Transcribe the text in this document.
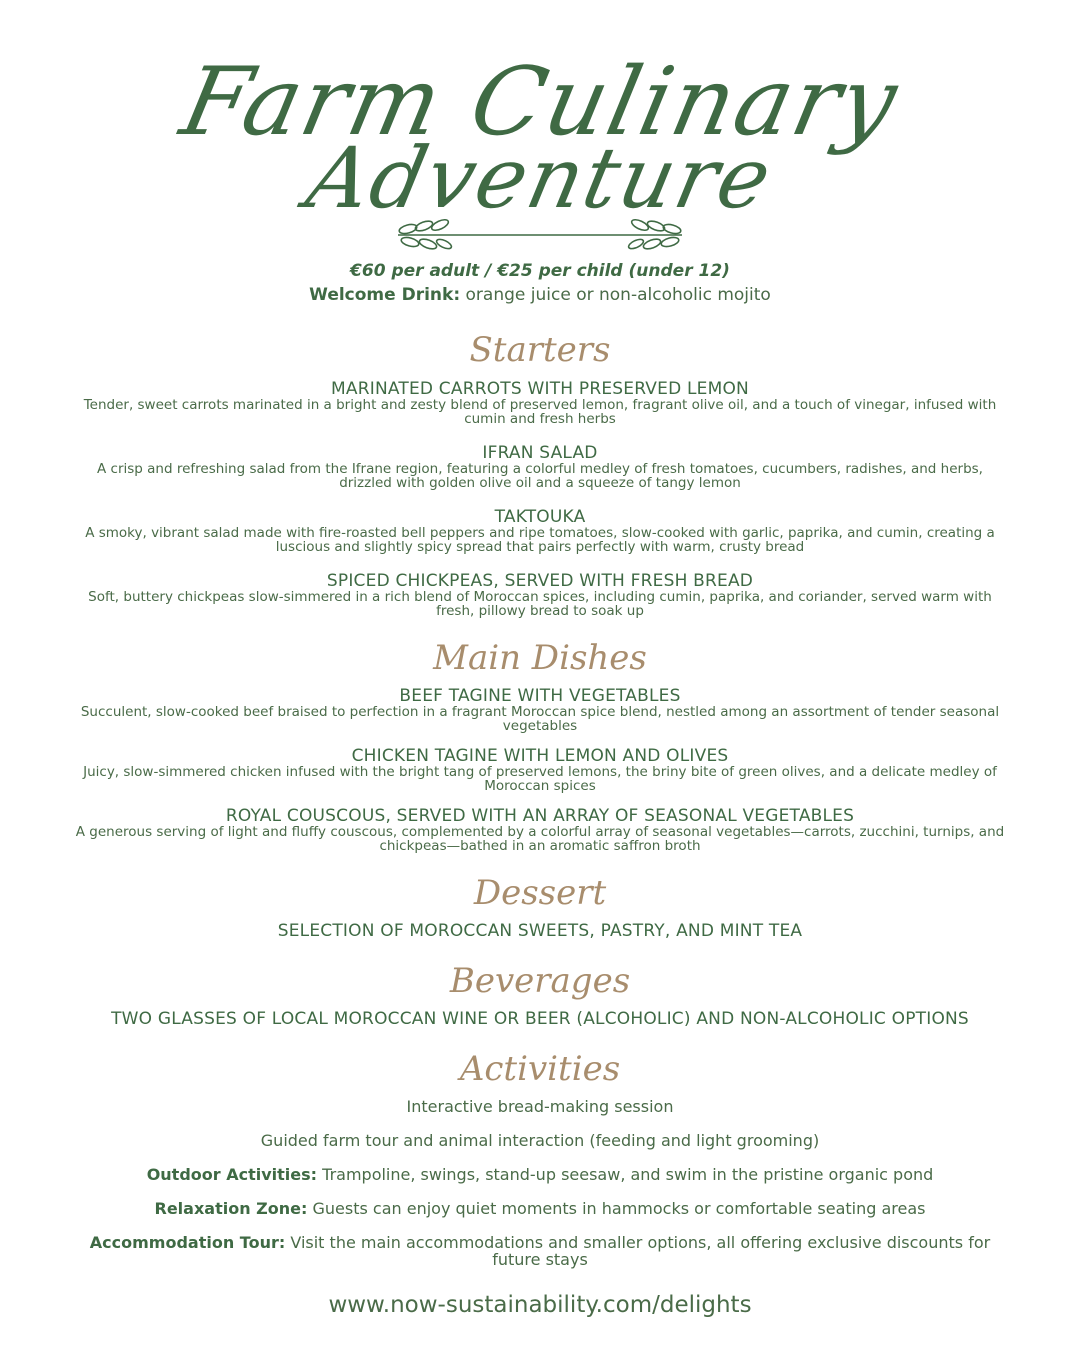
Farm Culinary
Adventure
€60 per adult / €25 per child (under 12)
Welcome Drink: orange juice or non-alcoholic mojito
Starters
MARINATED CARROTS WITH PRESERVED LEMON
Tender, sweet carrots marinated in a bright and zesty blend of preserved lemon, fragrant olive oil, and a touch of vinegar, infused with cumin and fresh herbs
IFRAN SALAD
A crisp and refreshing salad from the Ifrane region, featuring a colorful medley of fresh tomatoes, cucumbers, radishes, and herbs, drizzled with golden olive oil and a squeeze of tangy lemon
TAKTOUKA
A smoky, vibrant salad made with fire-roasted bell peppers and ripe tomatoes, slow-cooked with garlic, paprika, and cumin, creating a luscious and slightly spicy spread that pairs perfectly with warm, crusty bread
SPICED CHICKPEAS, SERVED WITH FRESH BREAD
Soft, buttery chickpeas slow-simmered in a rich blend of Moroccan spices, including cumin, paprika, and coriander, served warm with fresh, pillowy bread to soak up
Main Dishes
BEEF TAGINE WITH VEGETABLES
Succulent, slow-cooked beef braised to perfection in a fragrant Moroccan spice blend, nestled among an assortment of tender seasonal vegetables
CHICKEN TAGINE WITH LEMON AND OLIVES
Juicy, slow-simmered chicken infused with the bright tang of preserved lemons, the briny bite of green olives, and a delicate medley of Moroccan spices
ROYAL COUSCOUS, SERVED WITH AN ARRAY OF SEASONAL VEGETABLES
A generous serving of light and fluffy couscous, complemented by a colorful array of seasonal vegetables—carrots, zucchini, turnips, and chickpeas—bathed in an aromatic saffron broth
Dessert
SELECTION OF MOROCCAN SWEETS, PASTRY, AND MINT TEA
Beverages
TWO GLASSES OF LOCAL MOROCCAN WINE OR BEER (ALCOHOLIC) AND NON-ALCOHOLIC OPTIONS
Activities
Interactive bread-making session
Guided farm tour and animal interaction (feeding and light grooming)
Outdoor Activities: Trampoline, swings, stand-up seesaw, and swim in the pristine organic pond
Relaxation Zone: Guests can enjoy quiet moments in hammocks or comfortable seating areas
Accommodation Tour: Visit the main accommodations and smaller options, all offering exclusive discounts for future stays
www.now-sustainability.com/delights
